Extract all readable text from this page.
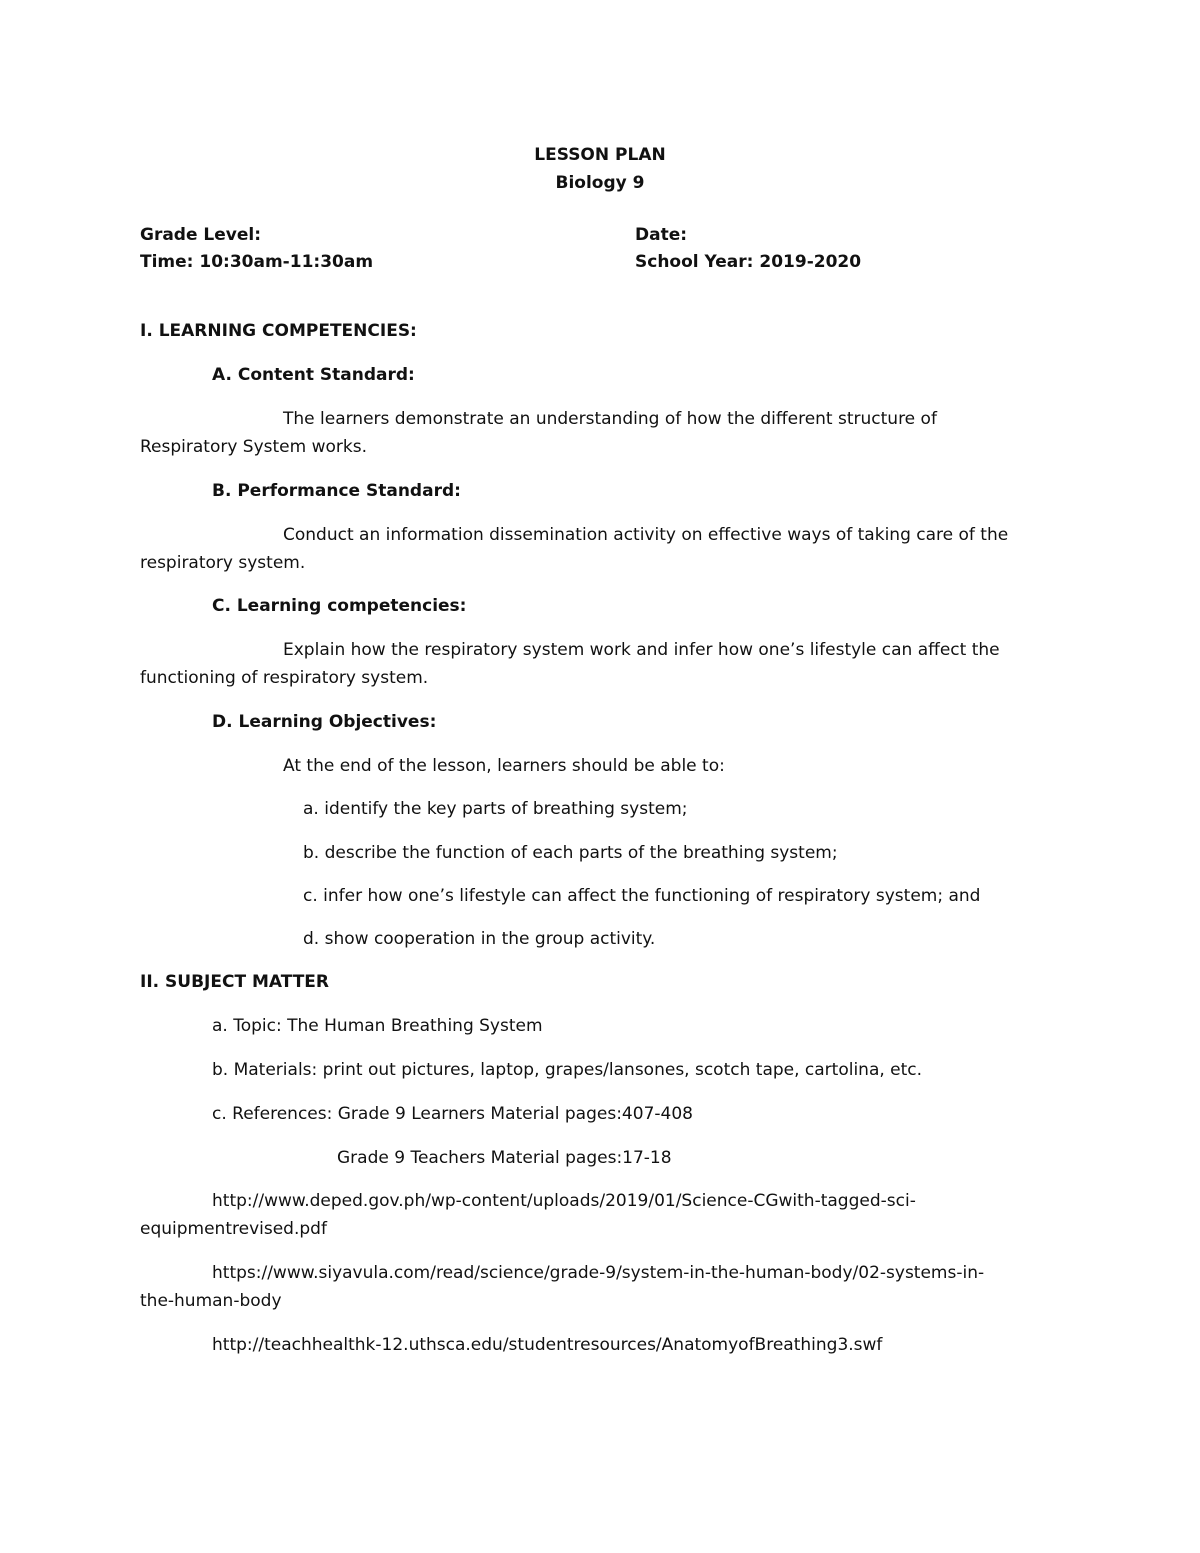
LESSON PLAN
Biology 9
Grade Level:	Date:
Time: 10:30am-11:30am	School Year: 2019-2020
I. LEARNING COMPETENCIES:
A. Content Standard:
The learners demonstrate an understanding of how the different structure of
Respiratory System works.
B. Performance Standard:
Conduct an information dissemination activity on effective ways of taking care of the
respiratory system.
C. Learning competencies:
Explain how the respiratory system work and infer how one’s lifestyle can affect the
functioning of respiratory system.
D. Learning Objectives:
At the end of the lesson, learners should be able to:
a. identify the key parts of breathing system;
b. describe the function of each parts of the breathing system;
c. infer how one’s lifestyle can affect the functioning of respiratory system; and
d. show cooperation in the group activity.
II. SUBJECT MATTER
a. Topic: The Human Breathing System
b. Materials: print out pictures, laptop, grapes/lansones, scotch tape, cartolina, etc.
c. References: Grade 9 Learners Material pages:407-408
Grade 9 Teachers Material pages:17-18
http://www.deped.gov.ph/wp-content/uploads/2019/01/Science-CGwith-tagged-sci-
equipmentrevised.pdf
https://www.siyavula.com/read/science/grade-9/system-in-the-human-body/02-systems-in-
the-human-body
http://teachhealthk-12.uthsca.edu/studentresources/AnatomyofBreathing3.swf
